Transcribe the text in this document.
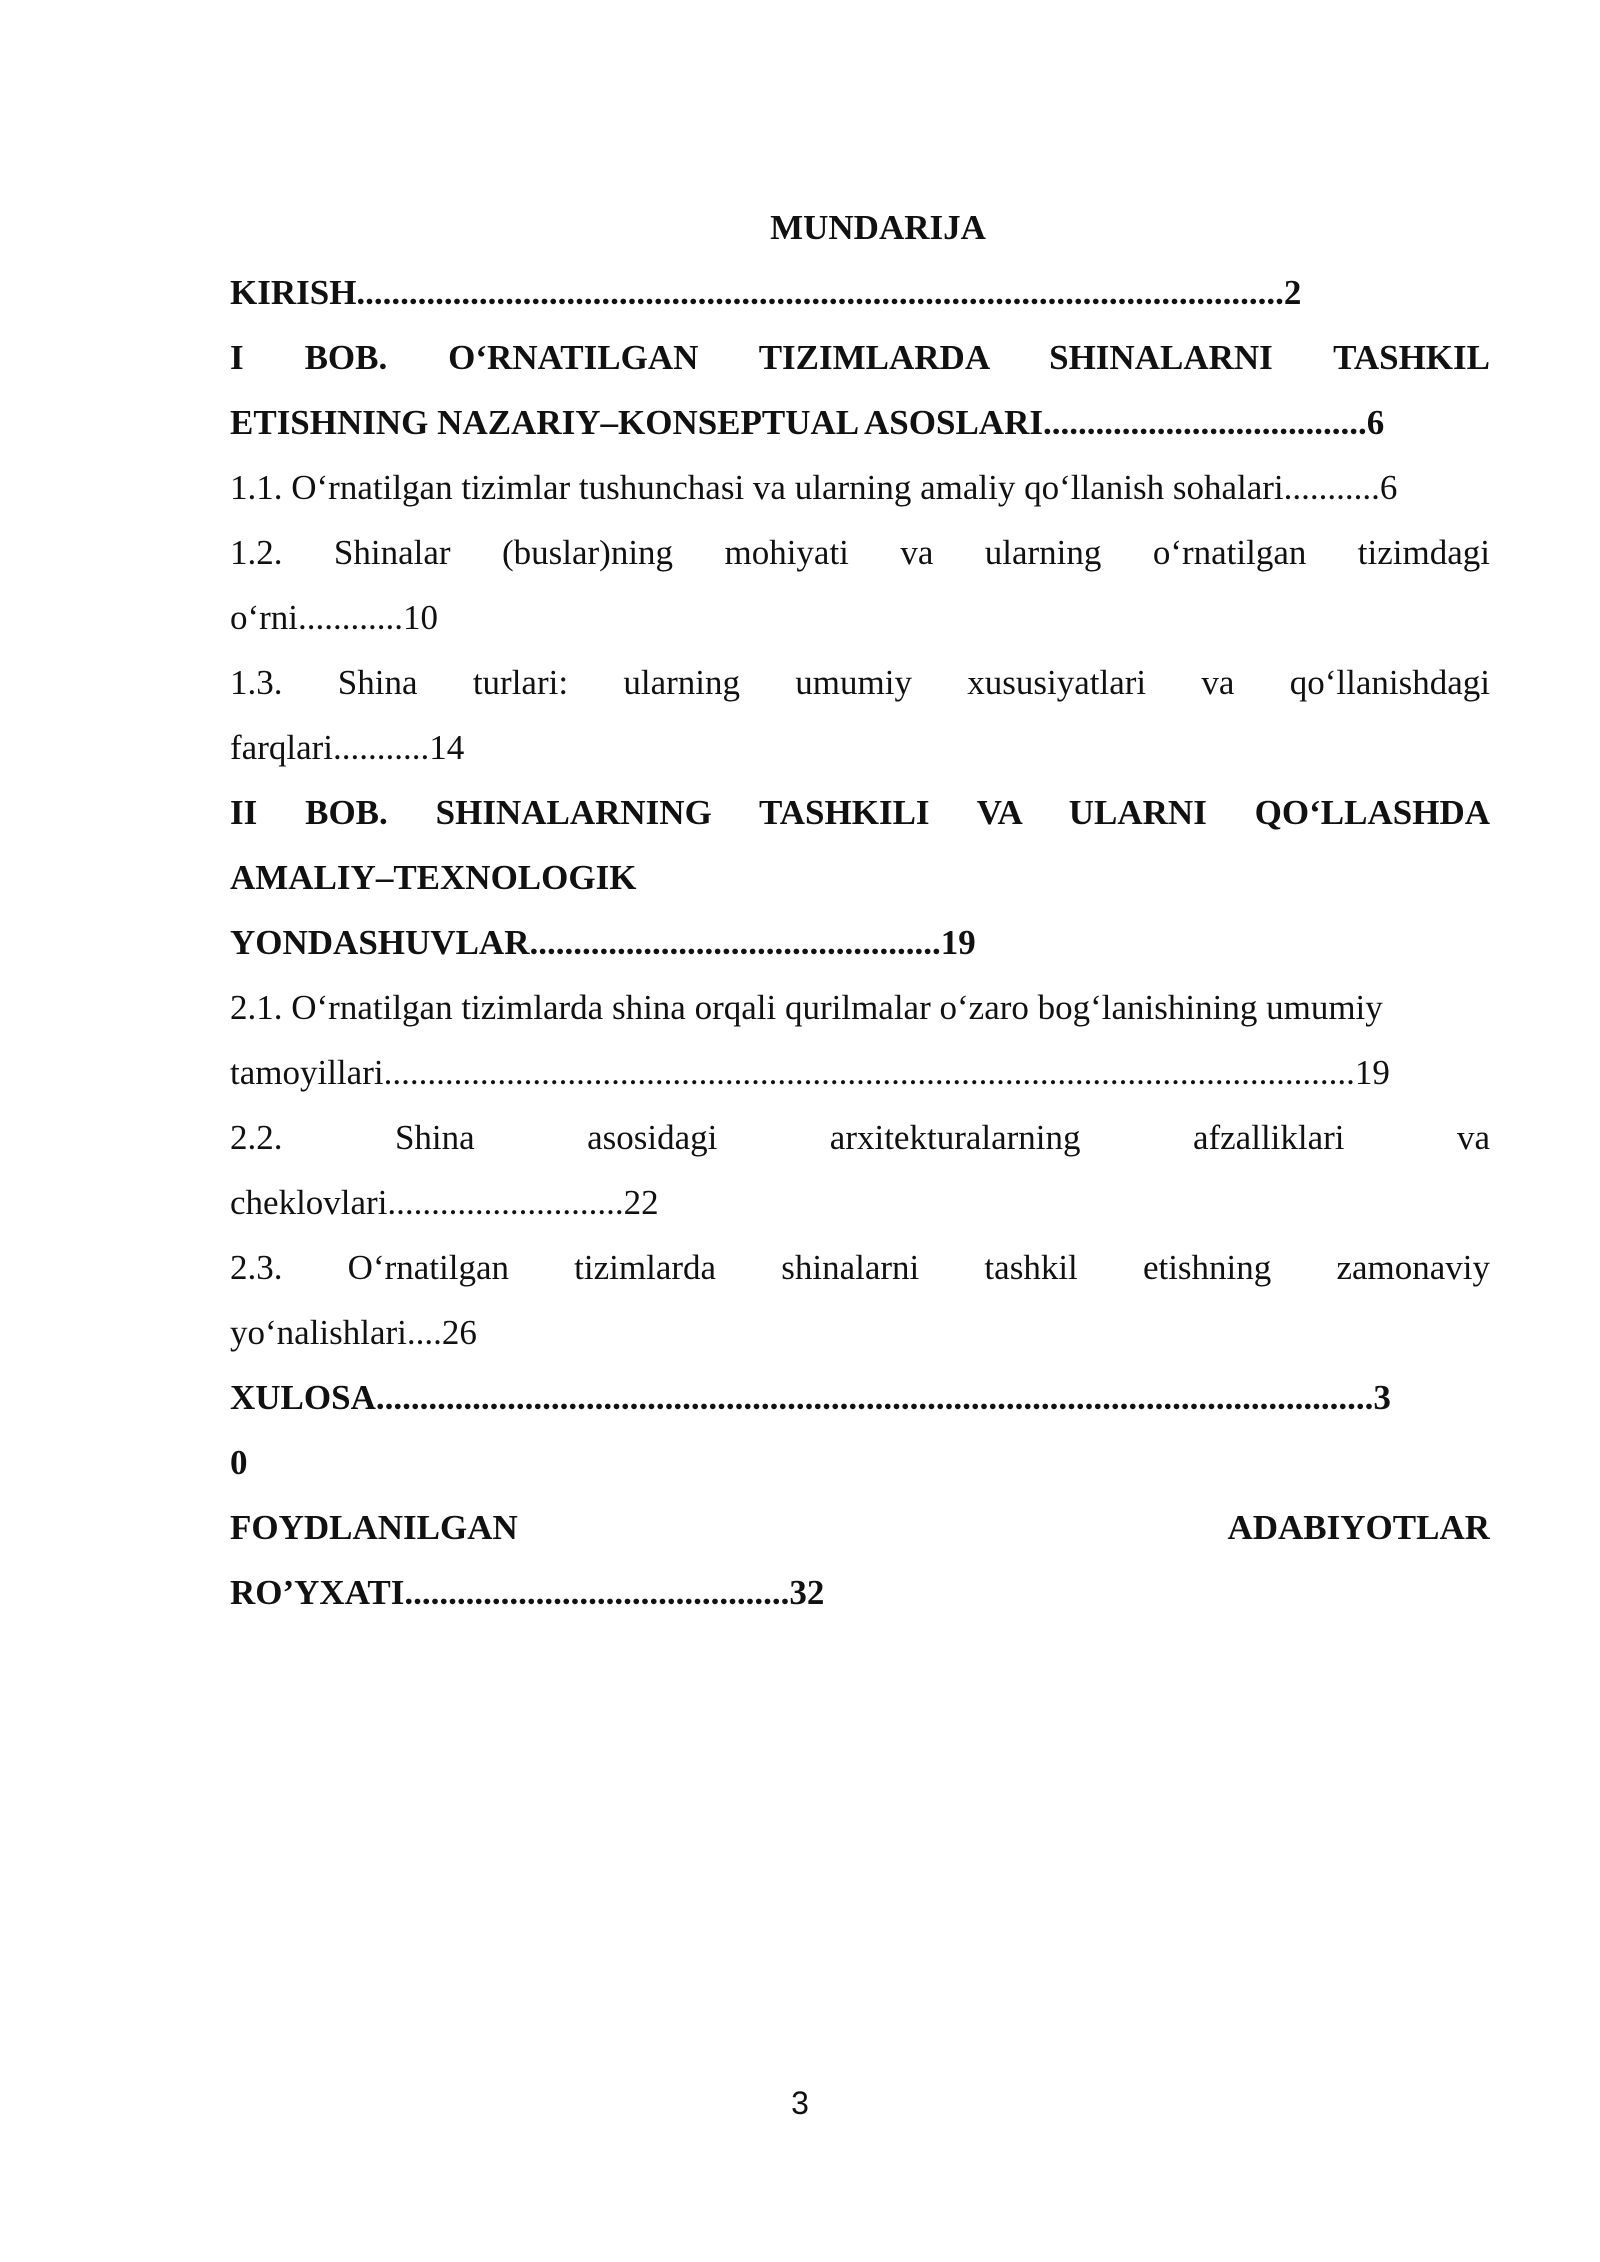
MUNDARIJA
KIRISH..........................................................................................................2
I BOB. O‘RNATILGAN TIZIMLARDA SHINALARNI TASHKIL
ETISHNING NAZARIY–KONSEPTUAL ASOSLARI.....................................6
1.1. O‘rnatilgan tizimlar tushunchasi va ularning amaliy qo‘llanish sohalari...........6
1.2. Shinalar (buslar)ning mohiyati va ularning o‘rnatilgan tizimdagi
o‘rni............10
1.3. Shina turlari: ularning umumiy xususiyatlari va qo‘llanishdagi
farqlari...........14
II BOB. SHINALARNING TASHKILI VA ULARNI QO‘LLASHDA
AMALIY–TEXNOLOGIK
YONDASHUVLAR...............................................19
2.1. O‘rnatilgan tizimlarda shina orqali qurilmalar o‘zaro bog‘lanishining umumiy
tamoyillari...............................................................................................................19
2.2. Shina asosidagi arxitekturalarning afzalliklari va
cheklovlari...........................22
2.3. O‘rnatilgan tizimlarda shinalarni tashkil etishning zamonaviy
yo‘nalishlari....26
XULOSA..................................................................................................................3
0
FOYDLANILGAN ADABIYOTLAR
RO’YXATI............................................32
3
